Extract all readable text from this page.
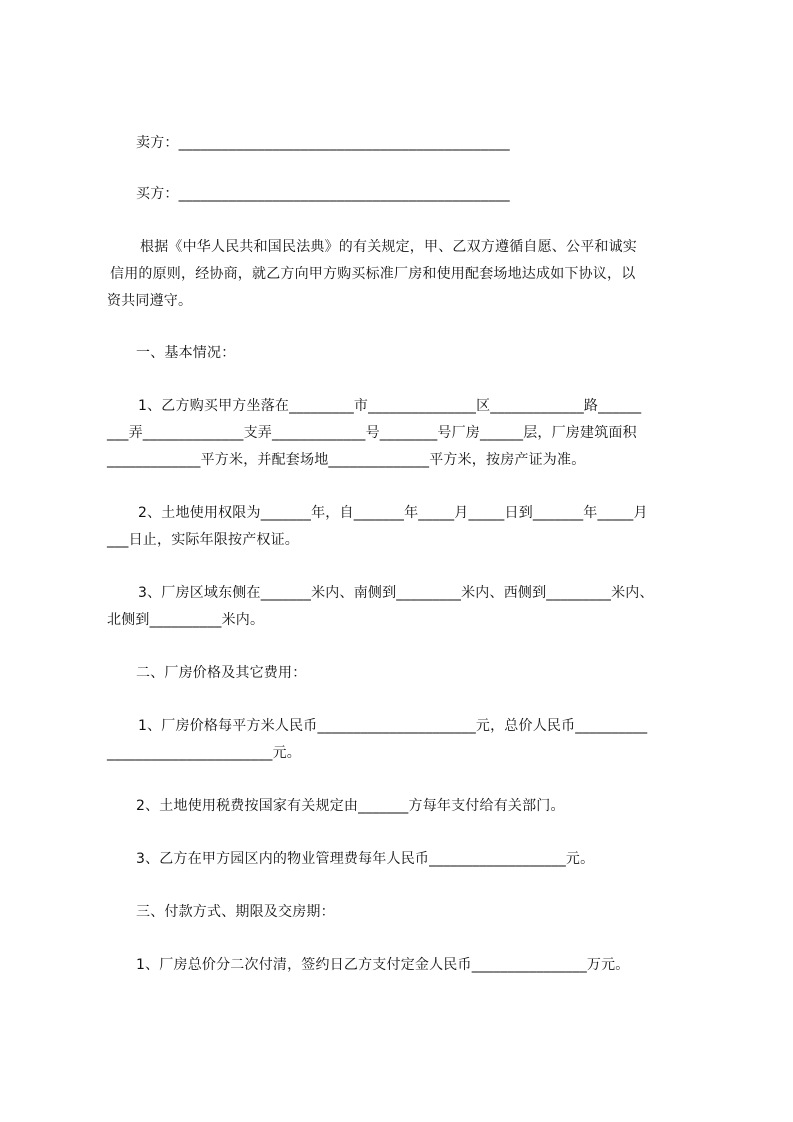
卖方：______________________________________________
买方：______________________________________________
根据《中华人民共和国民法典》的有关规定，甲、乙双方遵循自愿、公平和诚实
信用的原则，经协商，就乙方向甲方购买标准厂房和使用配套场地达成如下协议，以
资共同遵守。
一、基本情况：
1、乙方购买甲方坐落在_________市_______________区_____________路______
___弄______________支弄_____________号________号厂房______层，厂房建筑面积
_____________平方米，并配套场地______________平方米，按房产证为准。
2、土地使用权限为_______年，自_______年_____月_____日到_______年_____月
___日止，实际年限按产权证。
3、厂房区域东侧在_______米内、南侧到_________米内、西侧到_________米内、
北侧到__________米内。
二、厂房价格及其它费用：
1、厂房价格每平方米人民币______________________元，总价人民币__________
_______________________元。
2、土地使用税费按国家有关规定由_______方每年支付给有关部门。
3、乙方在甲方园区内的物业管理费每年人民币___________________元。
三、付款方式、期限及交房期：
1、厂房总价分二次付清，签约日乙方支付定金人民币________________万元。
